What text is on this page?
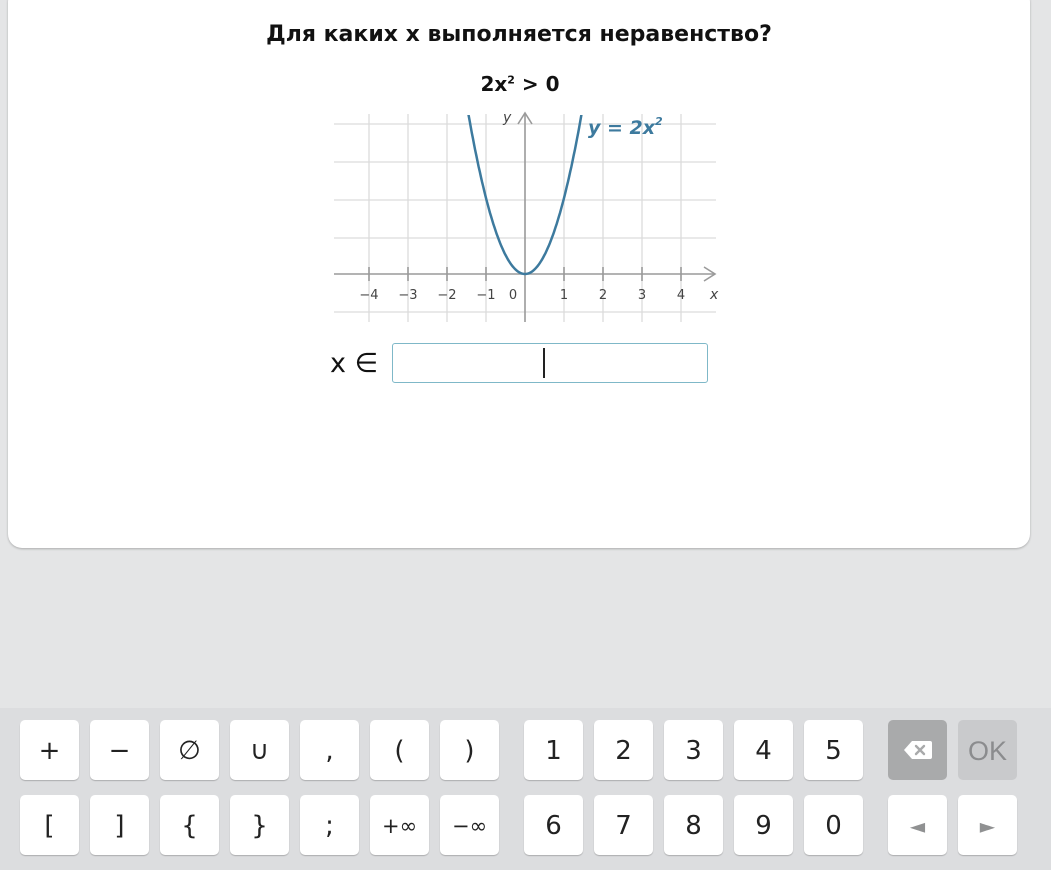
Для каких х выполняется неравенство?
$2x^2 > 0$
−4 −3 −2 −1 0	1 2 3 4
y
x
$y = 2x^2$
x ∈
+	−	∅	∪	,	(	)	1	2	3	4	5
[	]	{	}	;	+∞	−∞	6	7	8	9	0
OK
◄	►
